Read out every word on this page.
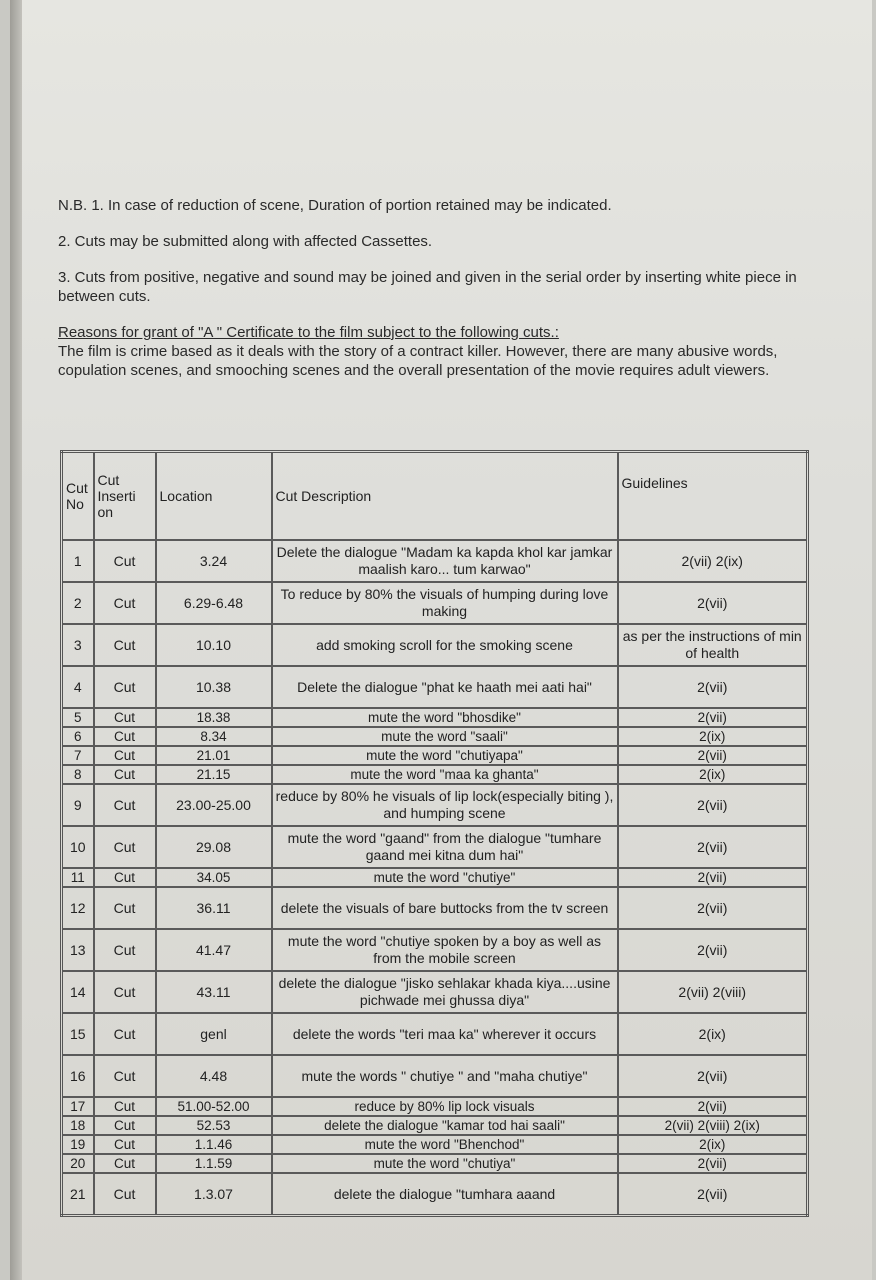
N.B. 1. In case of reduction of scene, Duration of portion retained may be indicated.

2. Cuts may be submitted along with affected Cassettes.

3. Cuts from positive, negative and sound may be joined and given in the serial order by inserting white piece in between cuts.

Reasons for grant of "A " Certificate to the film subject to the following cuts.:
The film is crime based as it deals with the story of a contract killer. However, there are many abusive words, copulation scenes, and smooching scenes and the overall presentation of the movie requires adult viewers.
Cut No	Cut Inserti on	Location	Cut Description	Guidelines
1	Cut	3.24	Delete the dialogue "Madam ka kapda khol kar jamkar maalish karo... tum karwao"	2(vii) 2(ix)
2	Cut	6.29-6.48	To reduce by 80% the visuals of humping during love making	2(vii)
3	Cut	10.10	add smoking scroll for the smoking scene	as per the instructions of min of health
4	Cut	10.38	Delete the dialogue "phat ke haath mei aati hai"	2(vii)
5	Cut	18.38	mute the word "bhosdike"	2(vii)
6	Cut	8.34	mute the word "saali"	2(ix)
7	Cut	21.01	mute the word "chutiyapa"	2(vii)
8	Cut	21.15	mute the word "maa ka ghanta"	2(ix)
9	Cut	23.00-25.00	reduce by 80% he visuals of lip lock(especially biting ), and humping scene	2(vii)
10	Cut	29.08	mute the word "gaand" from the dialogue "tumhare gaand mei kitna dum hai"	2(vii)
11	Cut	34.05	mute the word "chutiye"	2(vii)
12	Cut	36.11	delete the visuals of bare buttocks from the tv screen	2(vii)
13	Cut	41.47	mute the word "chutiye spoken by a boy as well as from the mobile screen	2(vii)
14	Cut	43.11	delete the dialogue "jisko sehlakar khada kiya....usine pichwade mei ghussa diya"	2(vii) 2(viii)
15	Cut	genl	delete the words "teri maa ka" wherever it occurs	2(ix)
16	Cut	4.48	mute the words " chutiye " and "maha chutiye"	2(vii)
17	Cut	51.00-52.00	reduce by 80% lip lock visuals	2(vii)
18	Cut	52.53	delete the dialogue "kamar tod hai saali"	2(vii) 2(viii) 2(ix)
19	Cut	1.1.46	mute the word "Bhenchod"	2(ix)
20	Cut	1.1.59	mute the word "chutiya"	2(vii)
21	Cut	1.3.07	delete the dialogue "tumhara aaand	2(vii)
